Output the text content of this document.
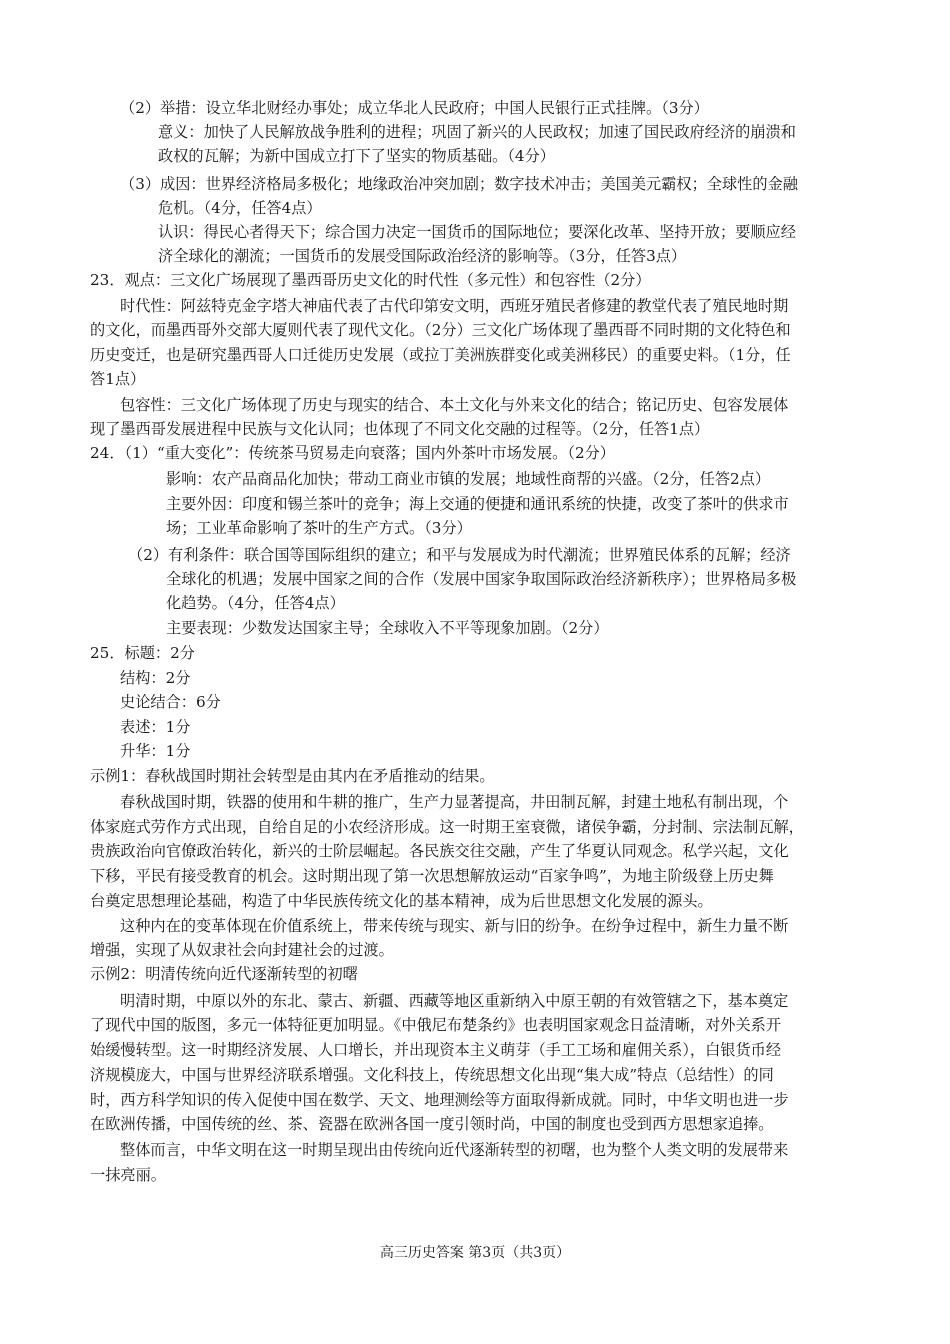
（2）举措：设立华北财经办事处；成立华北人民政府；中国人民银行正式挂牌。（3分）
意义：加快了人民解放战争胜利的进程；巩固了新兴的人民政权；加速了国民政府经济的崩溃和
政权的瓦解；为新中国成立打下了坚实的物质基础。（4分）
（3）成因：世界经济格局多极化；地缘政治冲突加剧；数字技术冲击；美国美元霸权；全球性的金融
危机。（4分，任答4点）
认识：得民心者得天下；综合国力决定一国货币的国际地位；要深化改革、坚持开放；要顺应经
济全球化的潮流；一国货币的发展受国际政治经济的影响等。（3分，任答3点）
23．观点：三文化广场展现了墨西哥历史文化的时代性（多元性）和包容性（2分）
时代性：阿兹特克金字塔大神庙代表了古代印第安文明，西班牙殖民者修建的教堂代表了殖民地时期
的文化，而墨西哥外交部大厦则代表了现代文化。（2分）三文化广场体现了墨西哥不同时期的文化特色和
历史变迁，也是研究墨西哥人口迁徙历史发展（或拉丁美洲族群变化或美洲移民）的重要史料。（1分，任
答1点）
包容性：三文化广场体现了历史与现实的结合、本土文化与外来文化的结合；铭记历史、包容发展体
现了墨西哥发展进程中民族与文化认同；也体现了不同文化交融的过程等。（2分，任答1点）
24．（1）“重大变化”：传统茶马贸易走向衰落；国内外茶叶市场发展。（2分）
影响：农产品商品化加快；带动工商业市镇的发展；地域性商帮的兴盛。（2分，任答2点）
主要外因：印度和锡兰茶叶的竞争；海上交通的便捷和通讯系统的快捷，改变了茶叶的供求市
场；工业革命影响了茶叶的生产方式。（3分）
（2）有利条件：联合国等国际组织的建立；和平与发展成为时代潮流；世界殖民体系的瓦解；经济
全球化的机遇；发展中国家之间的合作（发展中国家争取国际政治经济新秩序）；世界格局多极
化趋势。（4分，任答4点）
主要表现：少数发达国家主导；全球收入不平等现象加剧。（2分）
25．标题：2分
结构：2分
史论结合：6分
表述：1分
升华：1分
示例1：春秋战国时期社会转型是由其内在矛盾推动的结果。
春秋战国时期，铁器的使用和牛耕的推广，生产力显著提高，井田制瓦解，封建土地私有制出现，个
体家庭式劳作方式出现，自给自足的小农经济形成。这一时期王室衰微，诸侯争霸，分封制、宗法制瓦解，
贵族政治向官僚政治转化，新兴的士阶层崛起。各民族交往交融，产生了华夏认同观念。私学兴起，文化
下移，平民有接受教育的机会。这时期出现了第一次思想解放运动“百家争鸣”，为地主阶级登上历史舞
台奠定思想理论基础，构造了中华民族传统文化的基本精神，成为后世思想文化发展的源头。
这种内在的变革体现在价值系统上，带来传统与现实、新与旧的纷争。在纷争过程中，新生力量不断
增强，实现了从奴隶社会向封建社会的过渡。
示例2：明清传统向近代逐渐转型的初曙
明清时期，中原以外的东北、蒙古、新疆、西藏等地区重新纳入中原王朝的有效管辖之下，基本奠定
了现代中国的版图，多元一体特征更加明显。《中俄尼布楚条约》也表明国家观念日益清晰，对外关系开
始缓慢转型。这一时期经济发展、人口增长，并出现资本主义萌芽（手工工场和雇佣关系），白银货币经
济规模庞大，中国与世界经济联系增强。文化科技上，传统思想文化出现“集大成”特点（总结性）的同
时，西方科学知识的传入促使中国在数学、天文、地理测绘等方面取得新成就。同时，中华文明也进一步
在欧洲传播，中国传统的丝、茶、瓷器在欧洲各国一度引领时尚，中国的制度也受到西方思想家追捧。
整体而言，中华文明在这一时期呈现出由传统向近代逐渐转型的初曙，也为整个人类文明的发展带来
一抹亮丽。
高三历史答案 第3页（共3页）
